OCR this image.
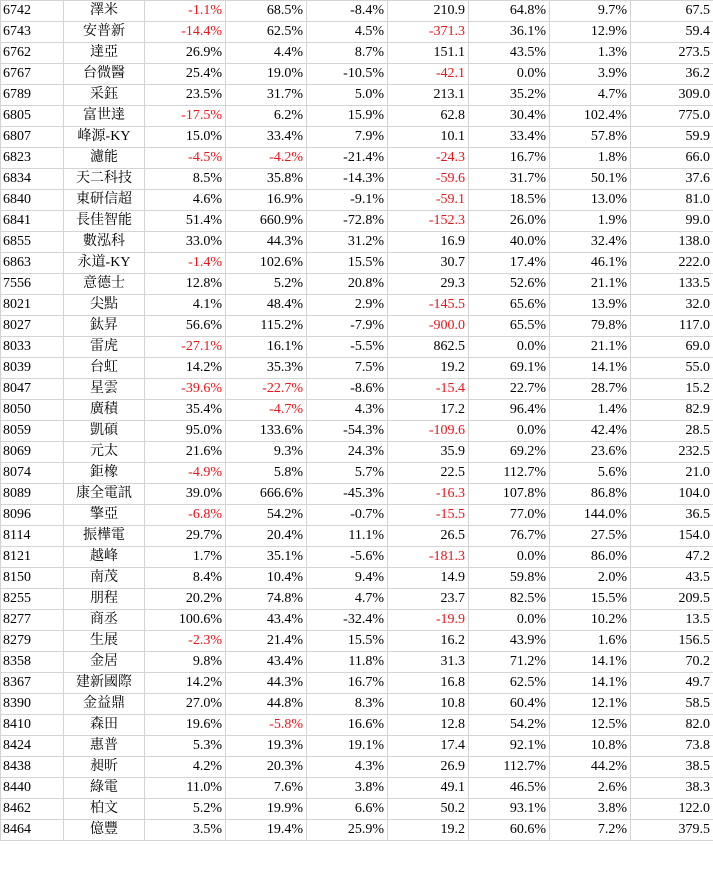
6742	澤米	-1.1%	68.5%	-8.4%	210.9	64.8%	9.7%	67.5
6743	安普新	-14.4%	62.5%	4.5%	-371.3	36.1%	12.9%	59.4
6762	達亞	26.9%	4.4%	8.7%	151.1	43.5%	1.3%	273.5
6767	台微醫	25.4%	19.0%	-10.5%	-42.1	0.0%	3.9%	36.2
6789	采鈺	23.5%	31.7%	5.0%	213.1	35.2%	4.7%	309.0
6805	富世達	-17.5%	6.2%	15.9%	62.8	30.4%	102.4%	775.0
6807	峰源-KY	15.0%	33.4%	7.9%	10.1	33.4%	57.8%	59.9
6823	濾能	-4.5%	-4.2%	-21.4%	-24.3	16.7%	1.8%	66.0
6834	天二科技	8.5%	35.8%	-14.3%	-59.6	31.7%	50.1%	37.6
6840	東研信超	4.6%	16.9%	-9.1%	-59.1	18.5%	13.0%	81.0
6841	長佳智能	51.4%	660.9%	-72.8%	-152.3	26.0%	1.9%	99.0
6855	數泓科	33.0%	44.3%	31.2%	16.9	40.0%	32.4%	138.0
6863	永道-KY	-1.4%	102.6%	15.5%	30.7	17.4%	46.1%	222.0
7556	意德士	12.8%	5.2%	20.8%	29.3	52.6%	21.1%	133.5
8021	尖點	4.1%	48.4%	2.9%	-145.5	65.6%	13.9%	32.0
8027	鈦昇	56.6%	115.2%	-7.9%	-900.0	65.5%	79.8%	117.0
8033	雷虎	-27.1%	16.1%	-5.5%	862.5	0.0%	21.1%	69.0
8039	台虹	14.2%	35.3%	7.5%	19.2	69.1%	14.1%	55.0
8047	星雲	-39.6%	-22.7%	-8.6%	-15.4	22.7%	28.7%	15.2
8050	廣積	35.4%	-4.7%	4.3%	17.2	96.4%	1.4%	82.9
8059	凱碩	95.0%	133.6%	-54.3%	-109.6	0.0%	42.4%	28.5
8069	元太	21.6%	9.3%	24.3%	35.9	69.2%	23.6%	232.5
8074	鉅橡	-4.9%	5.8%	5.7%	22.5	112.7%	5.6%	21.0
8089	康全電訊	39.0%	666.6%	-45.3%	-16.3	107.8%	86.8%	104.0
8096	擎亞	-6.8%	54.2%	-0.7%	-15.5	77.0%	144.0%	36.5
8114	振樺電	29.7%	20.4%	11.1%	26.5	76.7%	27.5%	154.0
8121	越峰	1.7%	35.1%	-5.6%	-181.3	0.0%	86.0%	47.2
8150	南茂	8.4%	10.4%	9.4%	14.9	59.8%	2.0%	43.5
8255	朋程	20.2%	74.8%	4.7%	23.7	82.5%	15.5%	209.5
8277	商丞	100.6%	43.4%	-32.4%	-19.9	0.0%	10.2%	13.5
8279	生展	-2.3%	21.4%	15.5%	16.2	43.9%	1.6%	156.5
8358	金居	9.8%	43.4%	11.8%	31.3	71.2%	14.1%	70.2
8367	建新國際	14.2%	44.3%	16.7%	16.8	62.5%	14.1%	49.7
8390	金益鼎	27.0%	44.8%	8.3%	10.8	60.4%	12.1%	58.5
8410	森田	19.6%	-5.8%	16.6%	12.8	54.2%	12.5%	82.0
8424	惠普	5.3%	19.3%	19.1%	17.4	92.1%	10.8%	73.8
8438	昶昕	4.2%	20.3%	4.3%	26.9	112.7%	44.2%	38.5
8440	綠電	11.0%	7.6%	3.8%	49.1	46.5%	2.6%	38.3
8462	柏文	5.2%	19.9%	6.6%	50.2	93.1%	3.8%	122.0
8464	億豐	3.5%	19.4%	25.9%	19.2	60.6%	7.2%	379.5
